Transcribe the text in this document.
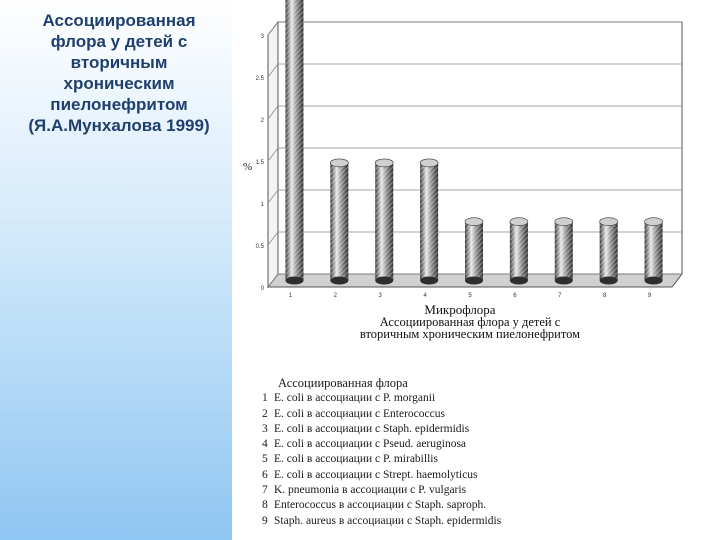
Ассоциированная
флора у детей с
вторичным
хроническим
пиелонефритом
(Я.А.Мунхалова 1999)
0
0.5
1
1.5
2
2.5
3
1	2	3	4	5	6	7	8	9
%
Микрофлора
Ассоциированная флора у детей с
вторичным хроническим пиелонефритом
Ассоциированная флора
1 E. coli в ассоциации с P. morganii
2 E. coli в ассоциации с Enterococcus
3 E. coli в ассоциации с Staph. epidermidis
4 E. coli в ассоциации с Pseud. aeruginosa
5 E. coli в ассоциации с P. mirabillis
6 E. coli в ассоциации с Strept. haemolyticus
7 K. pneumonia в ассоциации с P. vulgaris
8 Enterococcus в ассоциации с Staph. saproph.
9 Staph. aureus в ассоциации с Staph. epidermidis
